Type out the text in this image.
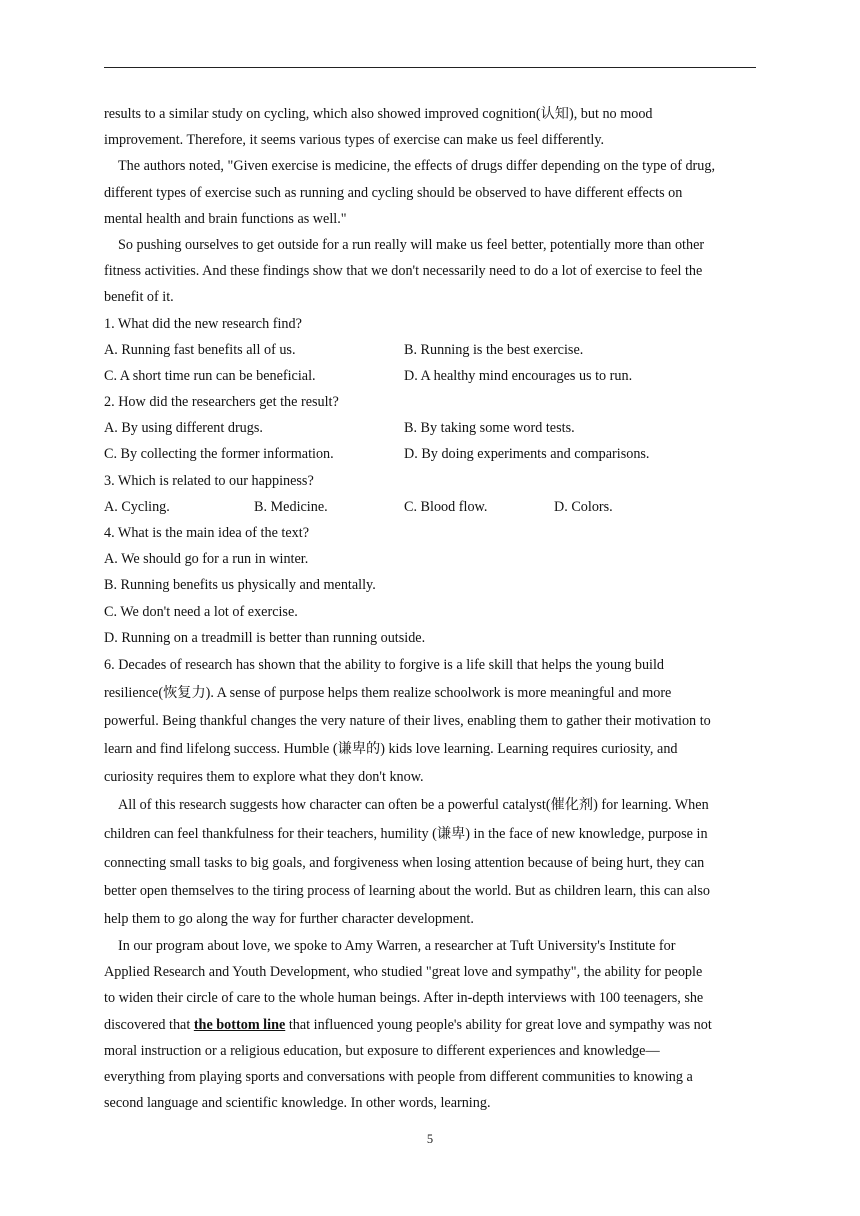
results to a similar study on cycling, which also showed improved cognition(认知), but no mood
improvement. Therefore, it seems various types of exercise can make us feel differently.
The authors noted, "Given exercise is medicine, the effects of drugs differ depending on the type of drug,
different types of exercise such as running and cycling should be observed to have different effects on
mental health and brain functions as well."
So pushing ourselves to get outside for a run really will make us feel better, potentially more than other
fitness activities. And these findings show that we don't necessarily need to do a lot of exercise to feel the
benefit of it.
1. What did the new research find?
A. Running fast benefits all of us.	B. Running is the best exercise.
C. A short time run can be beneficial.	D. A healthy mind encourages us to run.
2. How did the researchers get the result?
A. By using different drugs.	B. By taking some word tests.
C. By collecting the former information.	D. By doing experiments and comparisons.
3. Which is related to our happiness?
A. Cycling.	B. Medicine.	C. Blood flow.	D. Colors.
4. What is the main idea of the text?
A. We should go for a run in winter.
B. Running benefits us physically and mentally.
C. We don't need a lot of exercise.
D. Running on a treadmill is better than running outside.
6. Decades of research has shown that the ability to forgive is a life skill that helps the young build
resilience(恢复力). A sense of purpose helps them realize schoolwork is more meaningful and more
powerful. Being thankful changes the very nature of their lives, enabling them to gather their motivation to
learn and find lifelong success. Humble (谦卑的) kids love learning. Learning requires curiosity, and
curiosity requires them to explore what they don't know.
All of this research suggests how character can often be a powerful catalyst(催化剂) for learning. When
children can feel thankfulness for their teachers, humility (谦卑) in the face of new knowledge, purpose in
connecting small tasks to big goals, and forgiveness when losing attention because of being hurt, they can
better open themselves to the tiring process of learning about the world. But as children learn, this can also
help them to go along the way for further character development.
In our program about love, we spoke to Amy Warren, a researcher at Tuft University's Institute for
Applied Research and Youth Development, who studied "great love and sympathy", the ability for people
to widen their circle of care to the whole human beings. After in-depth interviews with 100 teenagers, she
discovered that the bottom line that influenced young people's ability for great love and sympathy was not
moral instruction or a religious education, but exposure to different experiences and knowledge—
everything from playing sports and conversations with people from different communities to knowing a
second language and scientific knowledge. In other words, learning.
5
